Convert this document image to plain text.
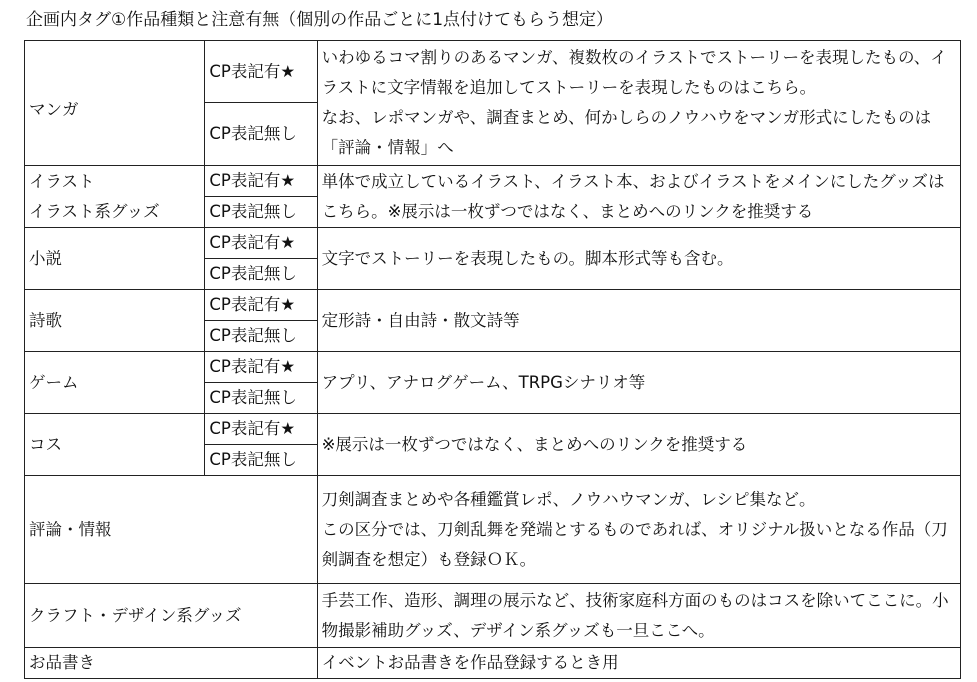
企画内タグ①作品種類と注意有無（個別の作品ごとに1点付けてもらう想定）
マンガ	CP表記有★	いわゆるコマ割りのあるマンガ、複数枚のイラストでストーリーを表現したもの、イラストに文字情報を追加してストーリーを表現したものはこちら。
なお、レポマンガや、調査まとめ、何かしらのノウハウをマンガ形式にしたものは「評論・情報」へ
	CP表記無し	
イラスト
イラスト系グッズ	CP表記有★	単体で成立しているイラスト、イラスト本、およびイラストをメインにしたグッズはこちら。※展示は一枚ずつではなく、まとめへのリンクを推奨する
	CP表記無し	
小説	CP表記有★	文字でストーリーを表現したもの。脚本形式等も含む。
	CP表記無し	
詩歌	CP表記有★	定形詩・自由詩・散文詩等
	CP表記無し	
ゲーム	CP表記有★	アプリ、アナログゲーム、TRPGシナリオ等
	CP表記無し	
コス	CP表記有★	※展示は一枚ずつではなく、まとめへのリンクを推奨する
	CP表記無し	
評論・情報		刀剣調査まとめや各種鑑賞レポ、ノウハウマンガ、レシピ集など。
この区分では、刀剣乱舞を発端とするものであれば、オリジナル扱いとなる作品（刀剣調査を想定）も登録ＯＫ。
クラフト・デザイン系グッズ		手芸工作、造形、調理の展示など、技術家庭科方面のものはコスを除いてここに。小物撮影補助グッズ、デザイン系グッズも一旦ここへ。
お品書き		イベントお品書きを作品登録するとき用
